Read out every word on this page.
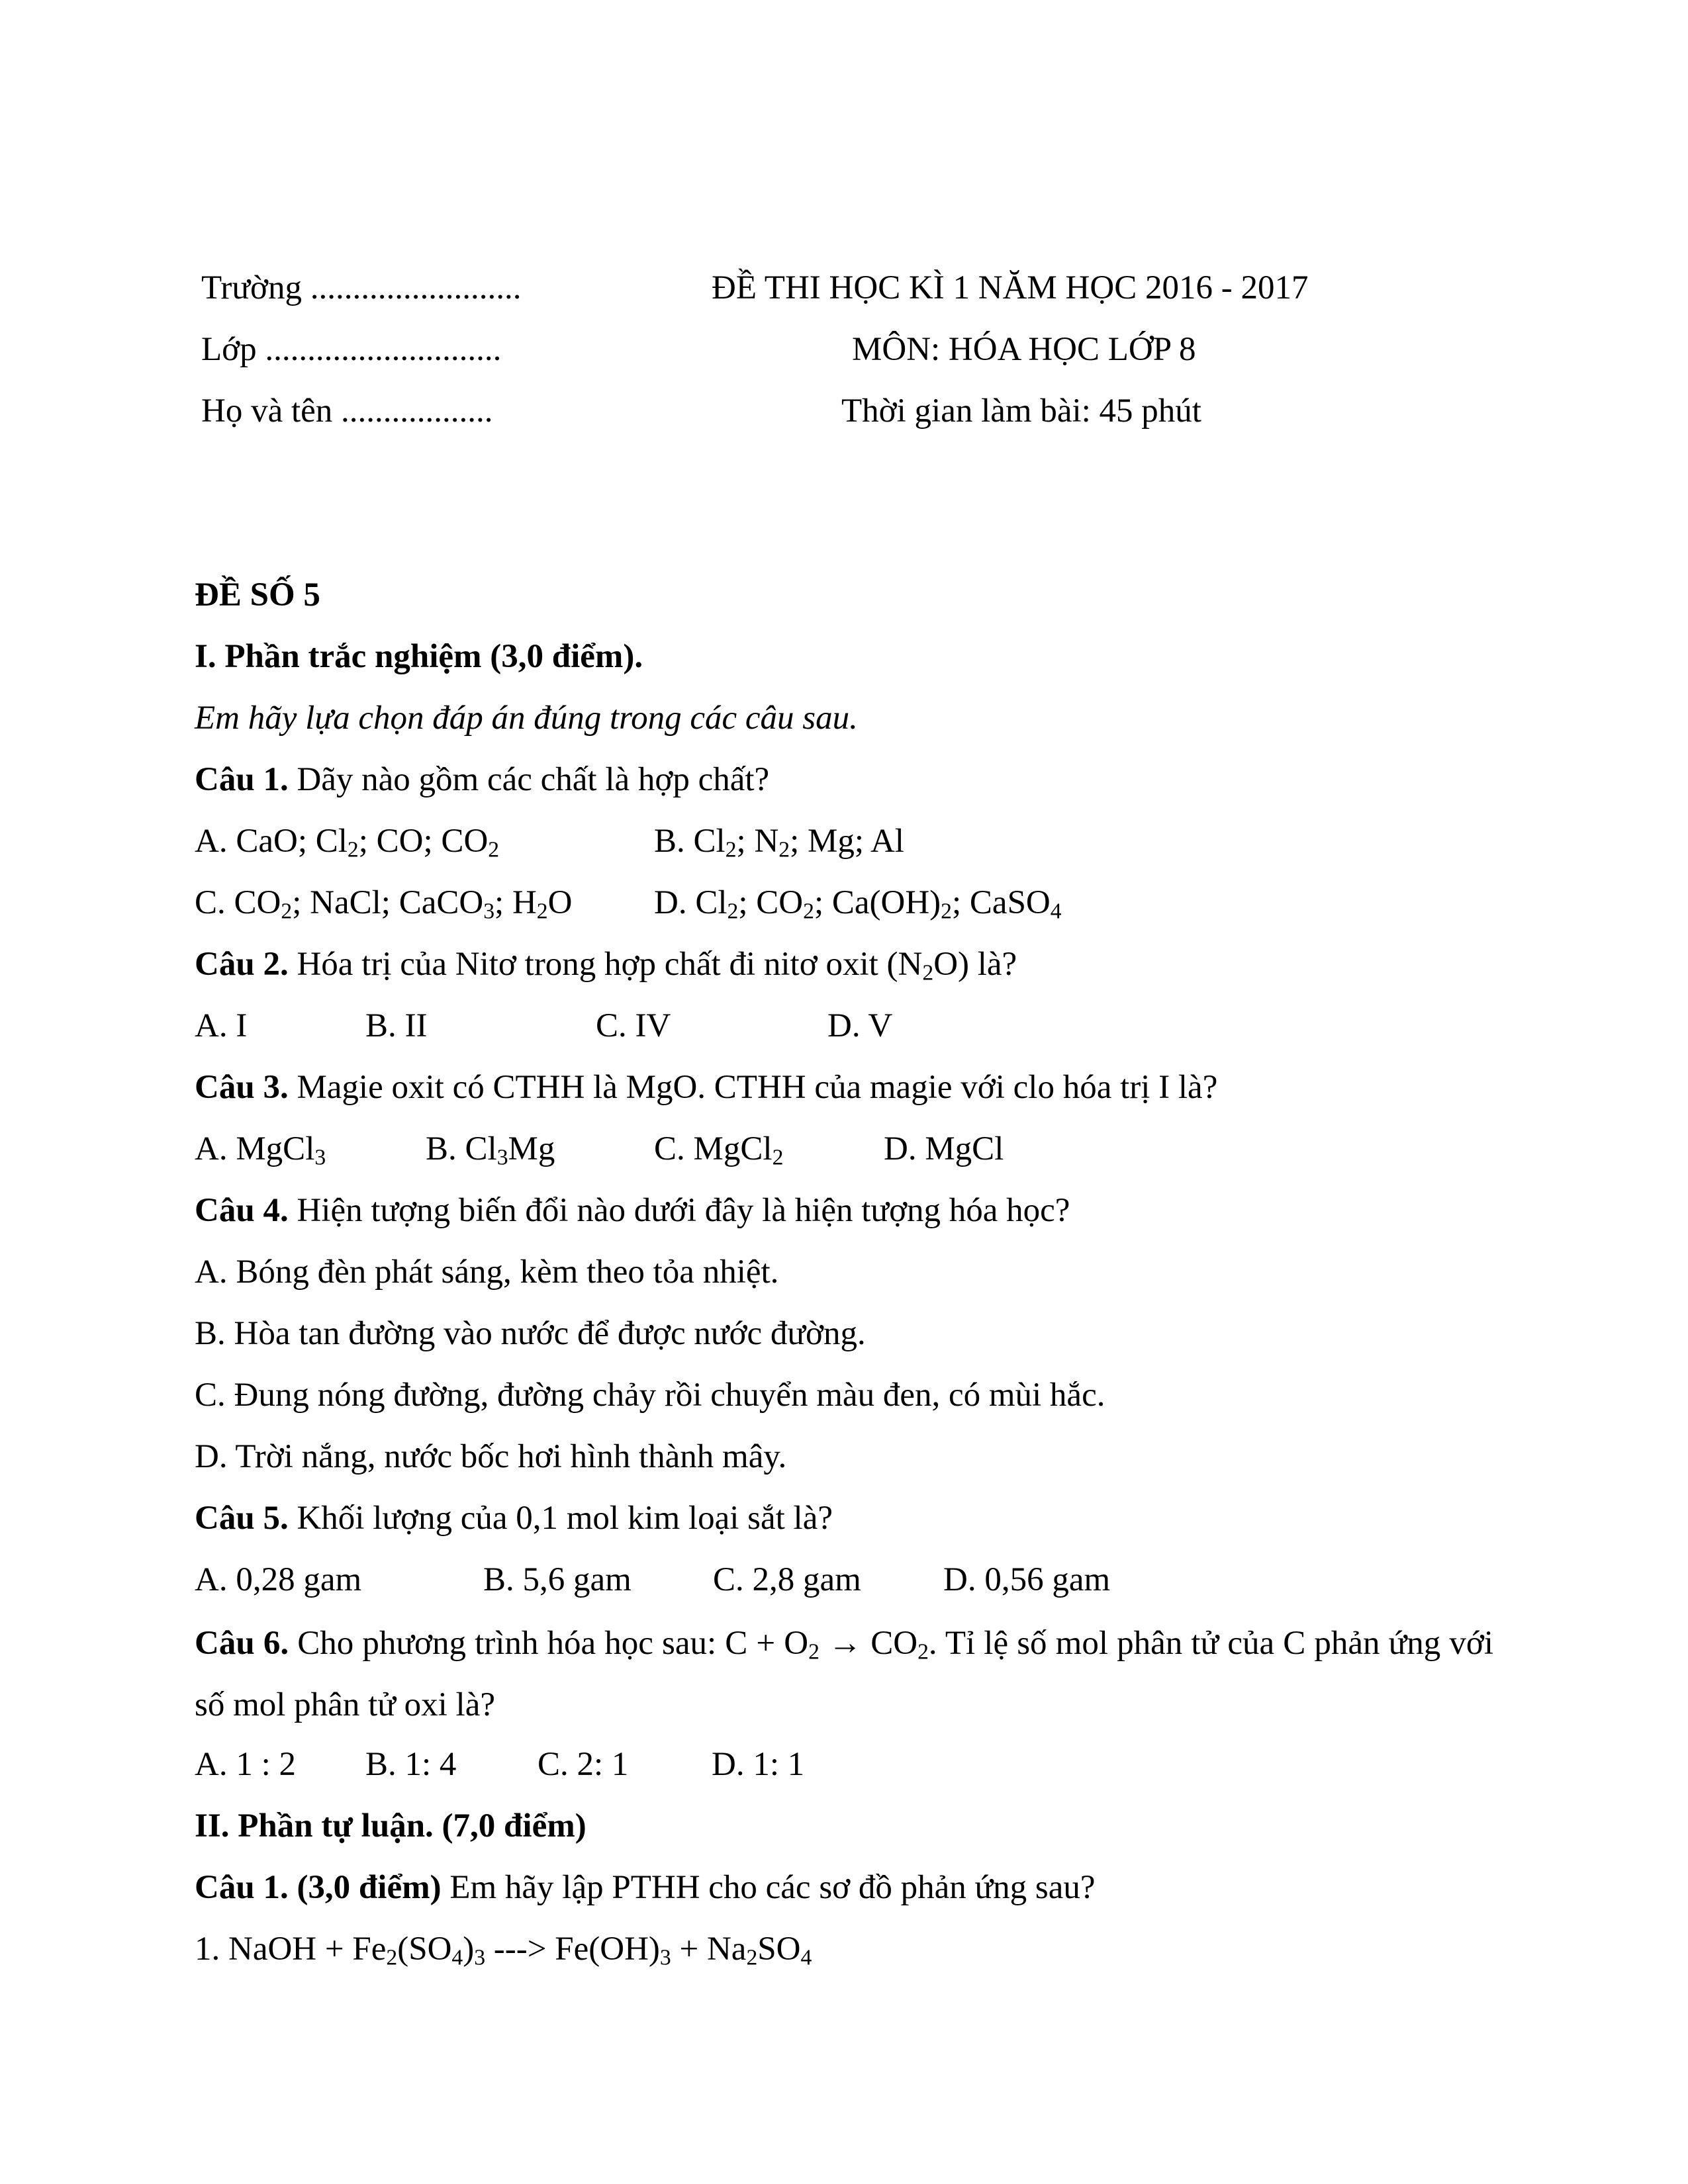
Trường .........................
Lớp ............................
Họ và tên ..................
ĐỀ THI HỌC KÌ 1 NĂM HỌC 2016 - 2017
MÔN: HÓA HỌC LỚP 8
Thời gian làm bài: 45 phút
ĐỀ SỐ 5
I. Phần trắc nghiệm (3,0 điểm).
Em hãy lựa chọn đáp án đúng trong các câu sau.
Câu 1. Dãy nào gồm các chất là hợp chất?
A. CaO; $Cl_2$; CO; $CO_2$	B. $Cl_2$; $N_2$; Mg; Al
C. $CO_2$; NaCl; CaCO$_3$; $H_2O$ D. $Cl_2$; $CO_2$; $Ca(OH)_2$; CaSO$_4$
Câu 2. Hóa trị của Nitơ trong hợp chất đi nitơ oxit $(N_2O)$ là?
A. I	B. II	C. IV	D. V
Câu 3. Magie oxit có CTHH là MgO. CTHH của magie với clo hóa trị I là?
A. MgCl$_3$	B. $Cl_3Mg$	C. MgCl$_2$	D. MgCl
Câu 4. Hiện tượng biến đổi nào dưới đây là hiện tượng hóa học?
A. Bóng đèn phát sáng, kèm theo tỏa nhiệt.
B. Hòa tan đường vào nước để được nước đường.
C. Đung nóng đường, đường chảy rồi chuyển màu đen, có mùi hắc.
D. Trời nắng, nước bốc hơi hình thành mây.
Câu 5. Khối lượng của 0,1 mol kim loại sắt là?
A. 0,28 gam	B. 5,6 gam C. 2,8 gam D. 0,56 gam
Câu 6. Cho phương trình hóa học sau: $C + O_2 \to CO_2$. Tỉ lệ số mol phân tử của C phản ứng với số mol phân tử oxi là?
A. 1 : 2 B. 1: 4 C. 2: 1 D. 1: 1
II. Phần tự luận. (7,0 điểm)
Câu 1. (3,0 điểm) Em hãy lập PTHH cho các sơ đồ phản ứng sau?
1. NaOH + $Fe_2(SO_4)_3$ ---> $Fe(OH)_3 + Na_2SO_4$
